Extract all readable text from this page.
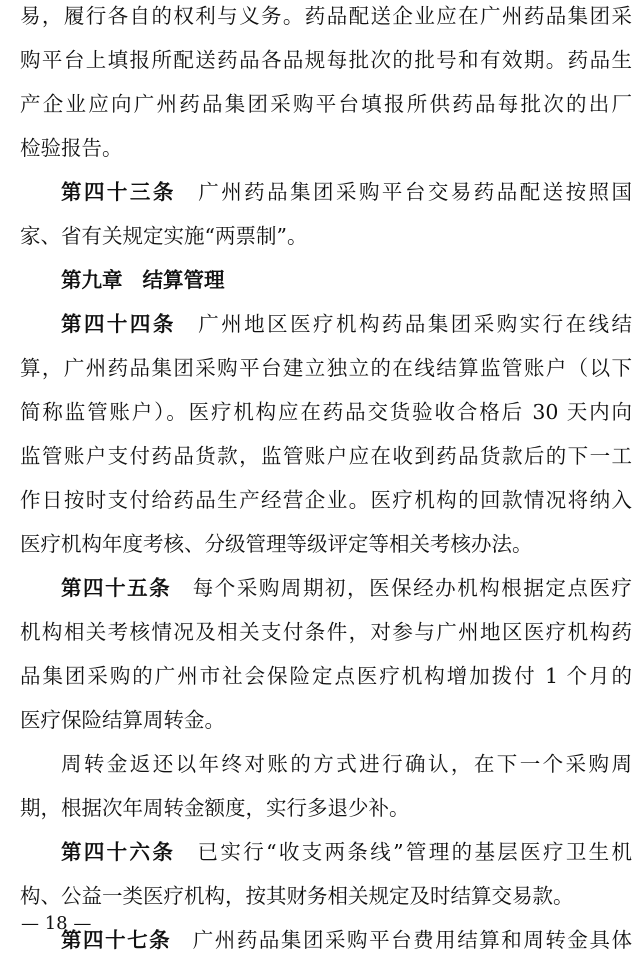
易，履行各自的权利与义务。药品配送企业应在广州药品集团采
购平台上填报所配送药品各品规每批次的批号和有效期。药品生
产企业应向广州药品集团采购平台填报所供药品每批次的出厂
检验报告。
第四十三条 广州药品集团采购平台交易药品配送按照国
家、省有关规定实施“两票制”。
第九章 结算管理
第四十四条 广州地区医疗机构药品集团采购实行在线结
算，广州药品集团采购平台建立独立的在线结算监管账户（以下
简称监管账户）。医疗机构应在药品交货验收合格后 30 天内向
监管账户支付药品货款，监管账户应在收到药品货款后的下一工
作日按时支付给药品生产经营企业。医疗机构的回款情况将纳入
医疗机构年度考核、分级管理等级评定等相关考核办法。
第四十五条 每个采购周期初，医保经办机构根据定点医疗
机构相关考核情况及相关支付条件，对参与广州地区医疗机构药
品集团采购的广州市社会保险定点医疗机构增加拨付 1 个月的
医疗保险结算周转金。
周转金返还以年终对账的方式进行确认，在下一个采购周
期，根据次年周转金额度，实行多退少补。
第四十六条 已实行“收支两条线”管理的基层医疗卫生机
构、公益一类医疗机构，按其财务相关规定及时结算交易款。
第四十七条 广州药品集团采购平台费用结算和周转金具体
— 18 —
